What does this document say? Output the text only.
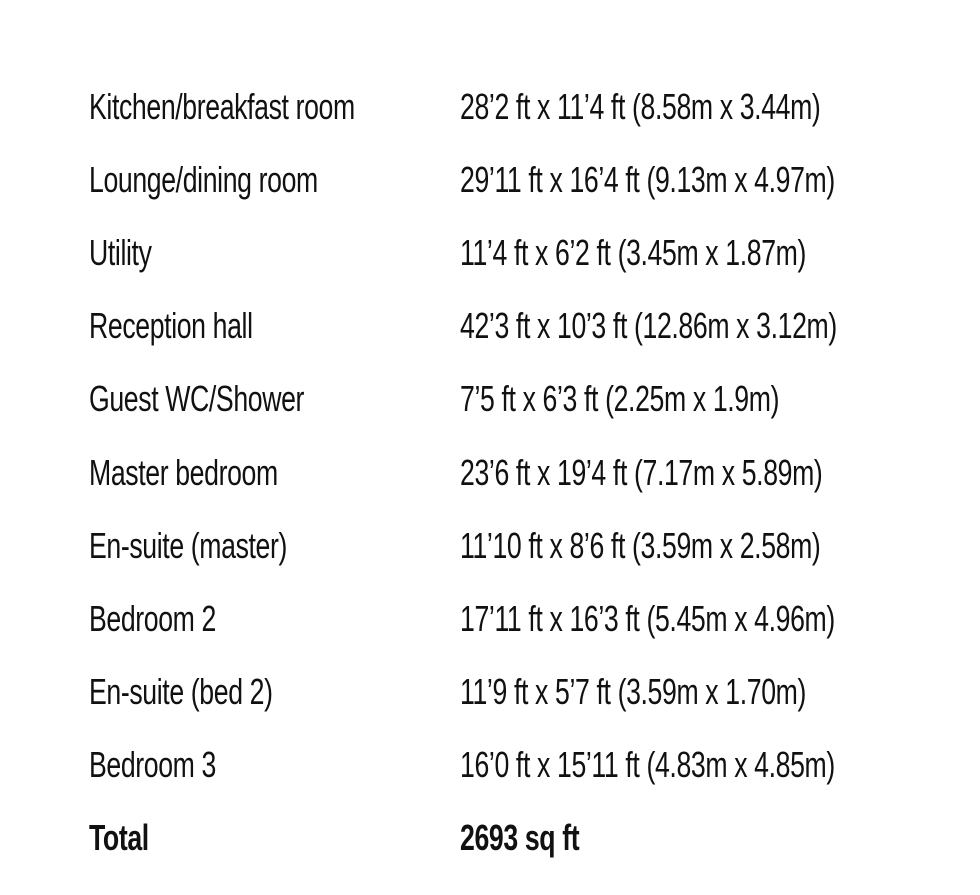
Kitchen/breakfast room	28’2 ft x 11’4 ft (8.58m x 3.44m)
Lounge/dining room	29’11 ft x 16’4 ft (9.13m x 4.97m)
Utility	11’4 ft x 6’2 ft (3.45m x 1.87m)
Reception hall	42’3 ft x 10’3 ft (12.86m x 3.12m)
Guest WC/Shower	7’5 ft x 6’3 ft (2.25m x 1.9m)
Master bedroom	23’6 ft x 19’4 ft (7.17m x 5.89m)
En-suite (master)	11’10 ft x 8’6 ft (3.59m x 2.58m)
Bedroom 2	17’11 ft x 16’3 ft (5.45m x 4.96m)
En-suite (bed 2)	11’9 ft x 5’7 ft (3.59m x 1.70m)
Bedroom 3	16’0 ft x 15’11 ft (4.83m x 4.85m)
Total	2693 sq ft
